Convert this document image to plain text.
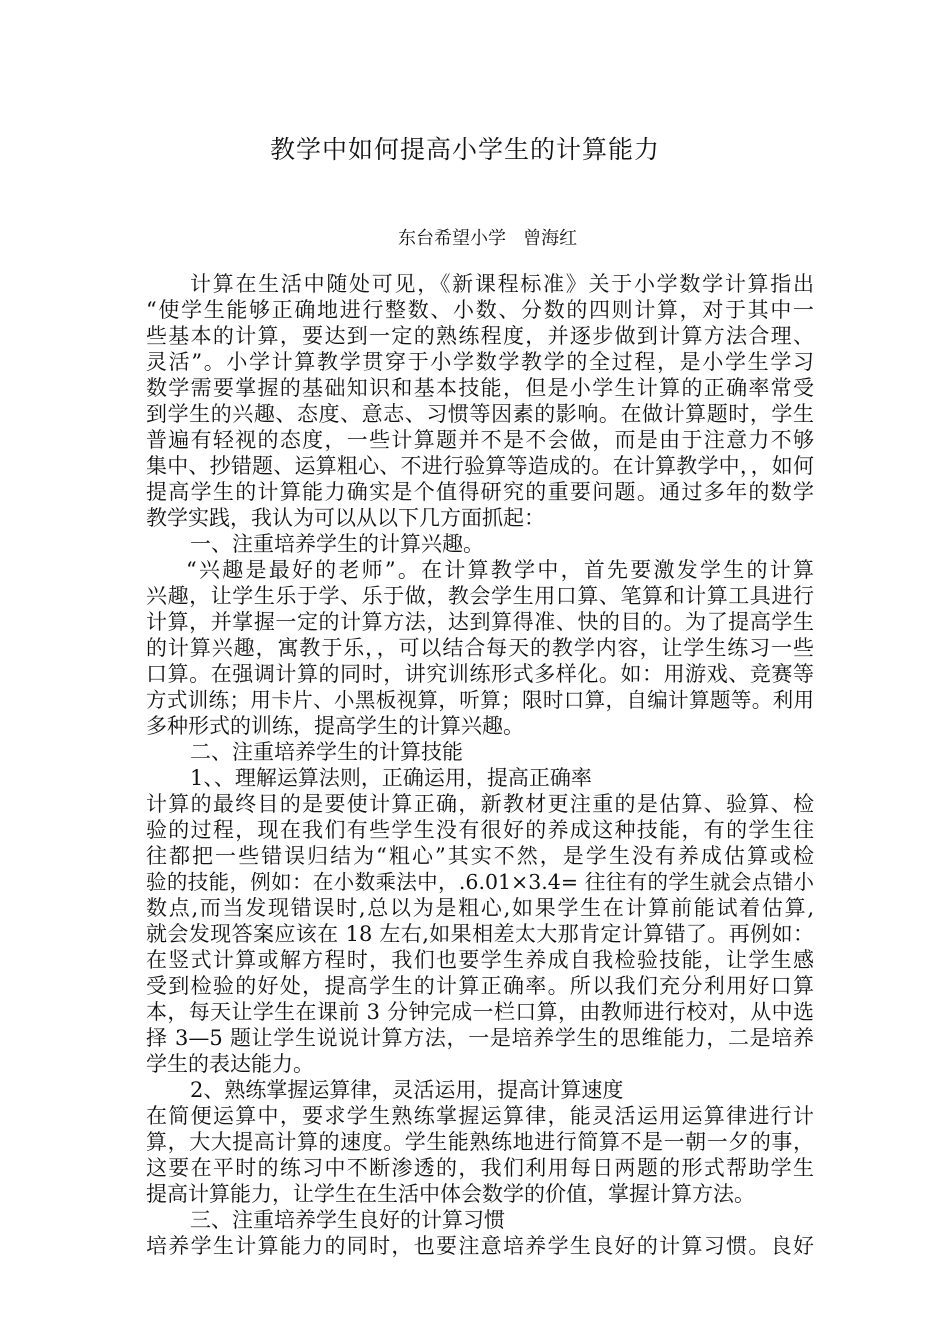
教学中如何提高小学生的计算能力
东台希望小学   曾海红
计算在生活中随处可见，《新课程标准》关于小学数学计算指出
“使学生能够正确地进行整数、小数、分数的四则计算，对于其中一
些基本的计算，要达到一定的熟练程度，并逐步做到计算方法合理、
灵活”。小学计算教学贯穿于小学数学教学的全过程，是小学生学习
数学需要掌握的基础知识和基本技能，但是小学生计算的正确率常受
到学生的兴趣、态度、意志、习惯等因素的影响。在做计算题时，学生
普遍有轻视的态度，一些计算题并不是不会做，而是由于注意力不够
集中、抄错题、运算粗心、不进行验算等造成的。在计算教学中，，如何
提高学生的计算能力确实是个值得研究的重要问题。通过多年的数学
教学实践，我认为可以从以下几方面抓起：
一、注重培养学生的计算兴趣。
“兴趣是最好的老师”。在计算教学中，首先要激发学生的计算
兴趣，让学生乐于学、乐于做，教会学生用口算、笔算和计算工具进行
计算，并掌握一定的计算方法，达到算得准、快的目的。为了提高学生
的计算兴趣，寓教于乐，，可以结合每天的教学内容，让学生练习一些
口算。在强调计算的同时，讲究训练形式多样化。如：用游戏、竞赛等
方式训练；用卡片、小黑板视算，听算；限时口算，自编计算题等。利用
多种形式的训练，提高学生的计算兴趣。
二、注重培养学生的计算技能
1、、理解运算法则，正确运用，提高正确率
计算的最终目的是要使计算正确，新教材更注重的是估算、验算、检
验的过程，现在我们有些学生没有很好的养成这种技能，有的学生往
往都把一些错误归结为“粗心”其实不然，是学生没有养成估算或检
验的技能，例如：在小数乘法中，.6.01×3.4= 往往有的学生就会点错小
数点,而当发现错误时,总以为是粗心,如果学生在计算前能试着估算,
就会发现答案应该在 18 左右,如果相差太大那肯定计算错了。再例如：
在竖式计算或解方程时，我们也要学生养成自我检验技能，让学生感
受到检验的好处，提高学生的计算正确率。所以我们充分利用好口算
本，每天让学生在课前 3 分钟完成一栏口算，由教师进行校对，从中选
择 3—5 题让学生说说计算方法，一是培养学生的思维能力，二是培养
学生的表达能力。
2、熟练掌握运算律，灵活运用，提高计算速度
在简便运算中，要求学生熟练掌握运算律，能灵活运用运算律进行计
算，大大提高计算的速度。学生能熟练地进行简算不是一朝一夕的事，
这要在平时的练习中不断渗透的，我们利用每日两题的形式帮助学生
提高计算能力，让学生在生活中体会数学的价值，掌握计算方法。
三、注重培养学生良好的计算习惯
培养学生计算能力的同时，也要注意培养学生良好的计算习惯。良好
